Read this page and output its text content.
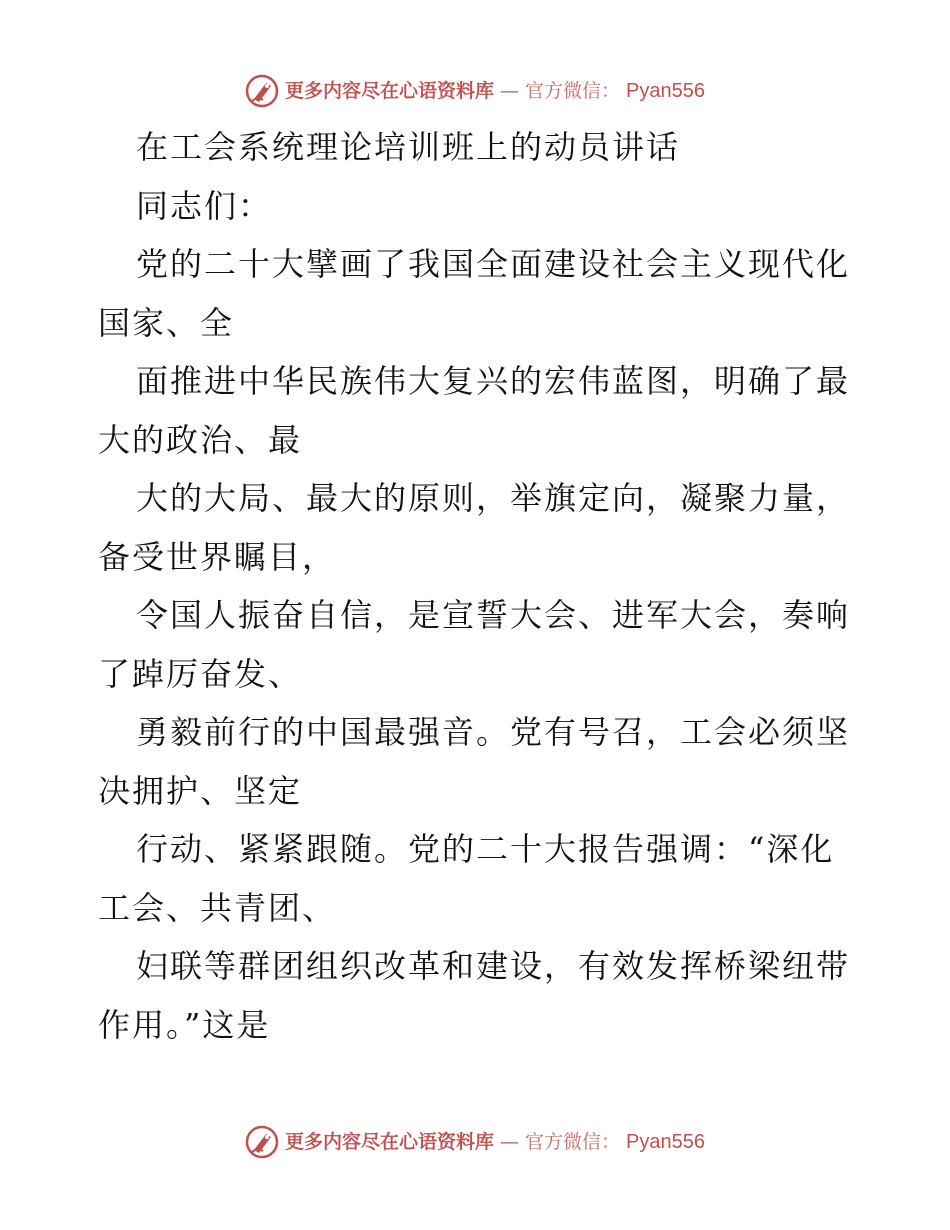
更多内容尽在心语资料库 — 官方微信： Pyan556
在工会系统理论培训班上的动员讲话
同志们：
党的二十大擘画了我国全面建设社会主义现代化
国家、全
面推进中华民族伟大复兴的宏伟蓝图，明确了最
大的政治、最
大的大局、最大的原则，举旗定向，凝聚力量，
备受世界瞩目，
令国人振奋自信，是宣誓大会、进军大会，奏响
了踔厉奋发、
勇毅前行的中国最强音。党有号召，工会必须坚
决拥护、坚定
行动、紧紧跟随。党的二十大报告强调：“深化
工会、共青团、
妇联等群团组织改革和建设，有效发挥桥梁纽带
作用。”这是
更多内容尽在心语资料库 — 官方微信： Pyan556
